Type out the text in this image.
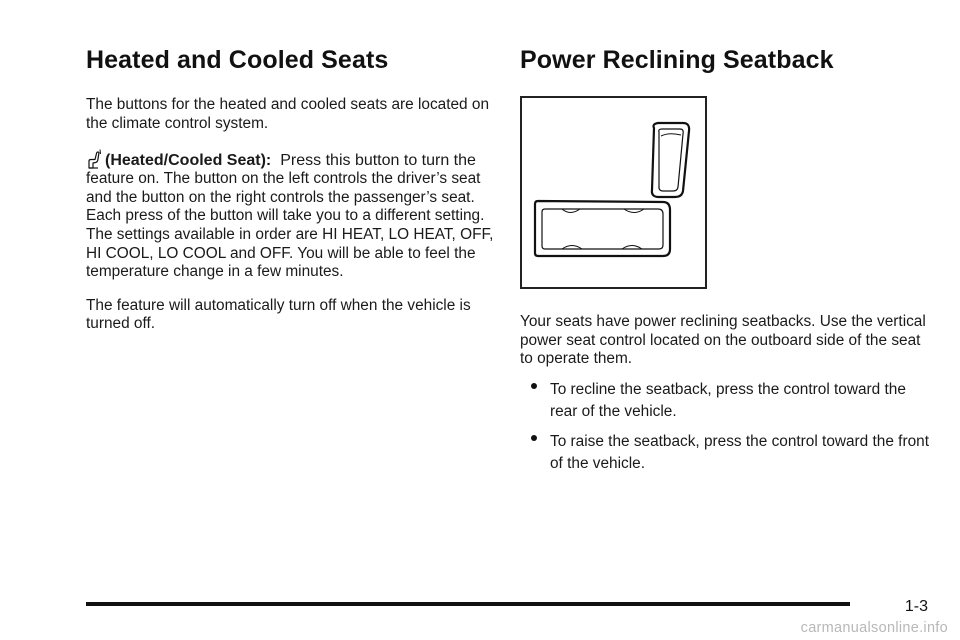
Heated and Cooled Seats

The buttons for the heated and cooled seats are located on the climate control system.

(Heated/Cooled Seat): Press this button to turn the

feature on. The button on the left controls the driver’s seat and the button on the right controls the passenger’s seat. Each press of the button will take you to a different setting. The settings available in order are HI HEAT, LO HEAT, OFF, HI COOL, LO COOL and OFF. You will be able to feel the temperature change in a few minutes.

The feature will automatically turn off when the vehicle is turned off.

Power Reclining Seatback

Your seats have power reclining seatbacks. Use the vertical power seat control located on the outboard side of the seat to operate them.

To recline the seatback, press the control toward the rear of the vehicle.
To raise the seatback, press the control toward the front of the vehicle.
1-3
carmanualsonline.info
